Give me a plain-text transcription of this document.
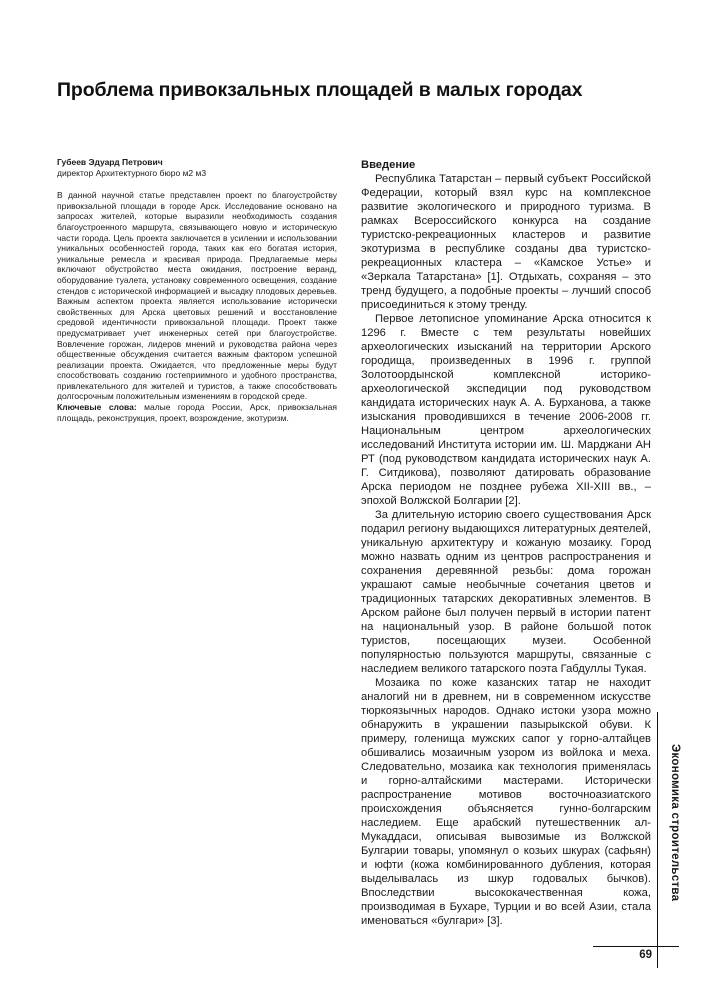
Проблема привокзальных площадей в малых городах
Губеев Эдуард Петрович
директор Архитектурного бюро м2 м3

В данной научной статье представлен проект по благоустройству привокзальной площади в городе Арск. Исследование основано на запросах жителей, которые выразили необходимость создания благоустроенного маршрута, связывающего новую и историческую части города. Цель проекта заключается в усилении и использовании уникальных особенностей города, таких как его богатая история, уникальные ремесла и красивая природа. Предлагаемые меры включают обустройство места ожидания, построение веранд, оборудование туалета, установку современного освещения, создание стендов с исторической информацией и высадку плодовых деревьев. Важным аспектом проекта является использование исторически свойственных для Арска цветовых решений и восстановление средовой идентичности привокзальной площади. Проект также предусматривает учет инженерных сетей при благоустройстве. Вовлечение горожан, лидеров мнений и руководства района через общественные обсуждения считается важным фактором успешной реализации проекта. Ожидается, что предложенные меры будут способствовать созданию гостеприимного и удобного пространства, привлекательного для жителей и туристов, а также способствовать долгосрочным положительным изменениям в городской среде.

Ключевые слова: малые города России, Арск, привокзальная площадь, реконструкция, проект, возрождение, экотуризм.

Введение

Республика Татарстан – первый субъект Российской Федерации, который взял курс на комплексное развитие экологического и природного туризма. В рамках Всероссийского конкурса на создание туристско-рекреационных кластеров и развитие экотуризма в республике созданы два туристско- рекреационных кластера – «Камское Устье» и «Зеркала Татарстана» [1]. Отдыхать, сохраняя – это тренд будущего, а подобные проекты – лучший способ присоединиться к этому тренду.

Первое летописное упоминание Арска относится к 1296 г. Вместе с тем результаты новейших археологических изысканий на территории Арского городища, произведенных в 1996 г. группой Золотоордынской комплексной историко-археологической экспедиции под руководством кандидата исторических наук А. А. Бурханова, а также изыскания проводившихся в течение 2006-2008 гг. Национальным центром археологических исследований Института истории им. Ш. Марджани АН РТ (под руководством кандидата исторических наук А. Г. Ситдикова), позволяют датировать образование Арска периодом не позднее рубежа XII-XIII вв., – эпохой Волжской Болгарии [2].

За длительную историю своего существования Арск подарил региону выдающихся литературных деятелей, уникальную архитектуру и кожаную мозаику. Город можно назвать одним из центров распространения и сохранения деревянной резьбы: дома горожан украшают самые необычные сочетания цветов и традиционных татарских декоративных элементов. В Арском районе был получен первый в истории патент на национальный узор. В районе большой поток туристов, посещающих музеи. Особенной популярностью пользуются маршруты, связанные с наследием великого татарского поэта Габдуллы Тукая.

Мозаика по коже казанских татар не находит аналогий ни в древнем, ни в современном искусстве тюркоязычных народов. Однако истоки узора можно обнаружить в украшении пазырыкской обуви. К примеру, голенища мужских сапог у горно-алтайцев обшивались мозаичным узором из войлока и меха. Следовательно, мозаика как технология применялась и горно-алтайскими мастерами. Исторически распространение мотивов восточноазиатского происхождения объясняется гунно-болгарским наследием. Еще арабский путешественник ал-Мукаддаси, описывая вывозимые из Волжской Булгарии товары, упомянул о козьих шкурах (сафьян) и юфти (кожа комбинированного дубления, которая выделывалась из шкур годовалых бычков). Впоследствии высококачественная кожа, производимая в Бухаре, Турции и во всей Азии, стала именоваться «булгари» [3].

Экономика строительства
69
